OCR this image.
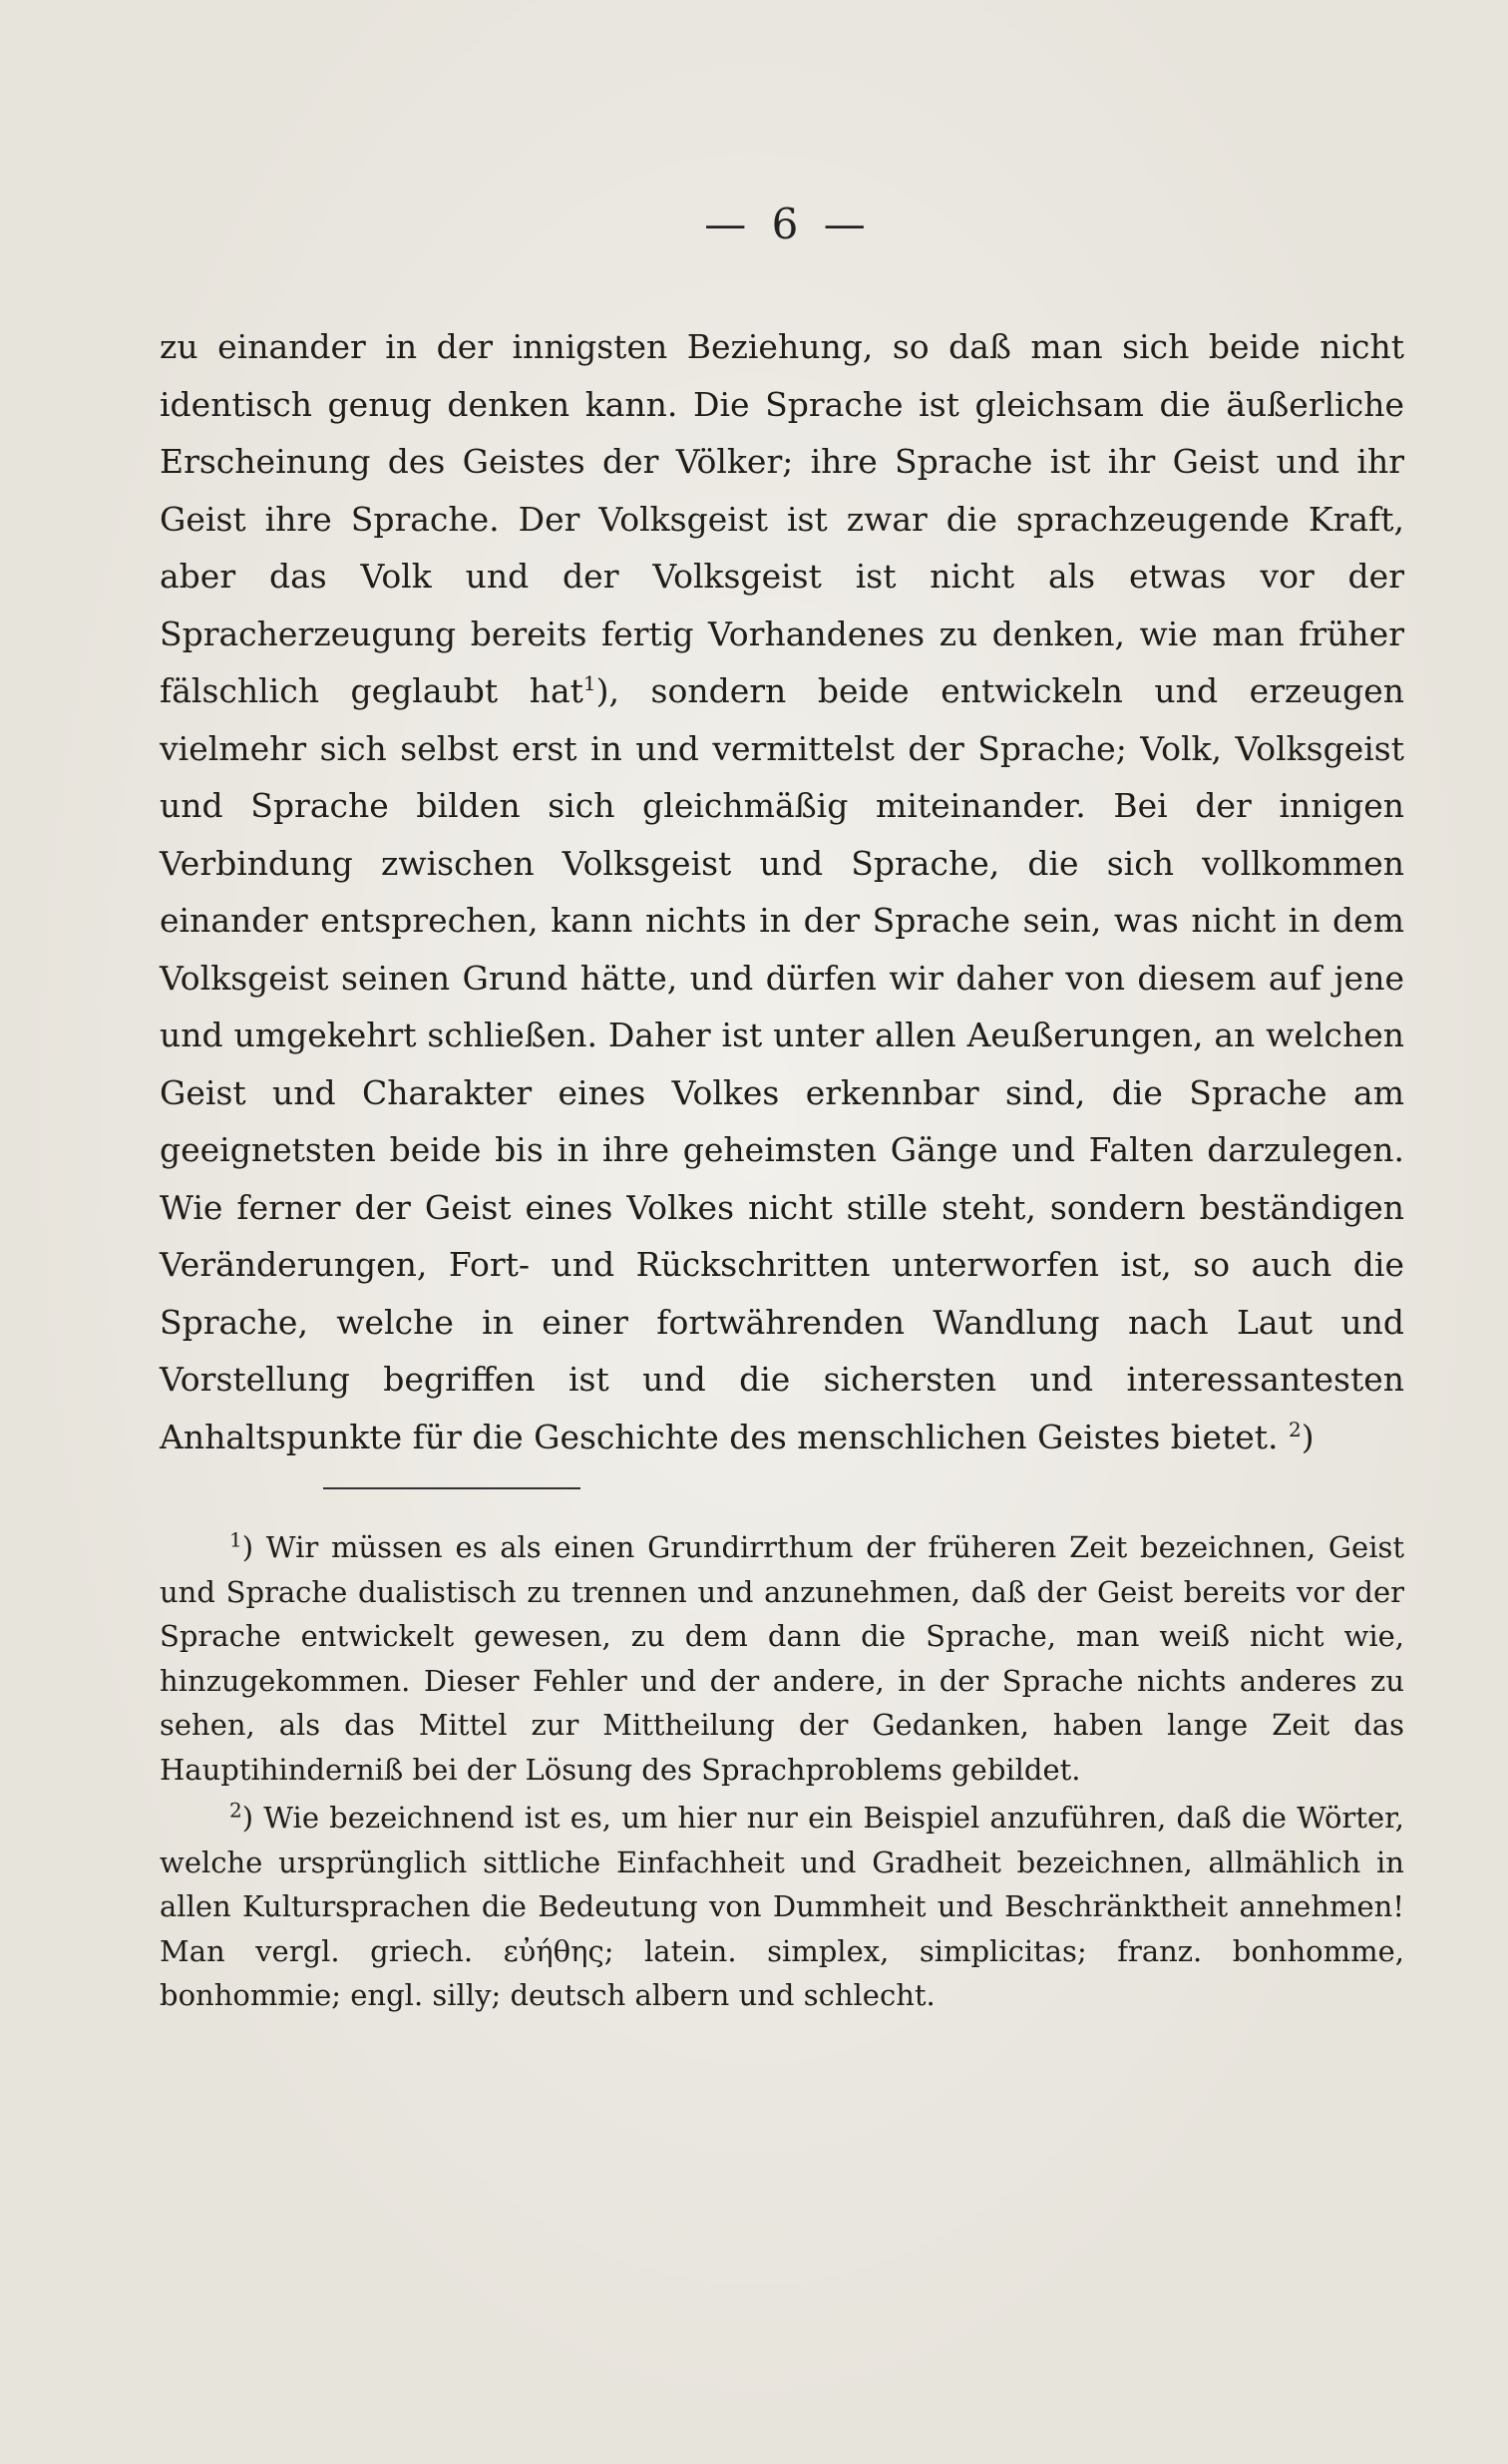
— 6 —

zu einander in der innigsten Beziehung, so daß man sich beide nicht identisch genug denken kann. Die Sprache ist gleichsam die äußerliche Erscheinung des Geistes der Völker; ihre Sprache ist ihr Geist und ihr Geist ihre Sprache. Der Volksgeist ist zwar die sprachzeugende Kraft, aber das Volk und der Volksgeist ist nicht als etwas vor der Spracherzeugung bereits fertig Vorhandenes zu denken, wie man früher fälschlich geglaubt hat$^1$), sondern beide entwickeln und erzeugen vielmehr sich selbst erst in und vermittelst der Sprache; Volk, Volksgeist und Sprache bilden sich gleichmäßig miteinander. Bei der innigen Verbindung zwischen Volksgeist und Sprache, die sich vollkommen einander entsprechen, kann nichts in der Sprache sein, was nicht in dem Volksgeist seinen Grund hätte, und dürfen wir daher von diesem auf jene und umgekehrt schließen. Daher ist unter allen Aeußerungen, an welchen Geist und Charakter eines Volkes erkennbar sind, die Sprache am geeignetsten beide bis in ihre geheimsten Gänge und Falten darzulegen. Wie ferner der Geist eines Volkes nicht stille steht, sondern beständigen Veränderungen, Fort- und Rückschritten unterworfen ist, so auch die Sprache, welche in einer fortwährenden Wandlung nach Laut und Vorstellung begriffen ist und die sichersten und interessantesten Anhaltspunkte für die Geschichte des menschlichen Geistes bietet. $^2$)

$^1$) Wir müssen es als einen Grundirrthum der früheren Zeit bezeichnen, Geist und Sprache dualistisch zu trennen und anzunehmen, daß der Geist bereits vor der Sprache entwickelt gewesen, zu dem dann die Sprache, man weiß nicht wie, hinzugekommen. Dieser Fehler und der andere, in der Sprache nichts anderes zu sehen, als das Mittel zur Mittheilung der Gedanken, haben lange Zeit das Hauptihinderniß bei der Lösung des Sprachproblems gebildet.

$^2$) Wie bezeichnend ist es, um hier nur ein Beispiel anzuführen, daß die Wörter, welche ursprünglich sittliche Einfachheit und Gradheit bezeichnen, allmählich in allen Kultursprachen die Bedeutung von Dummheit und Beschränktheit annehmen! Man vergl. griech. εὐήθης; latein. simplex, simplicitas; franz. bonhomme, bonhommie; engl. silly; deutsch albern und schlecht.
